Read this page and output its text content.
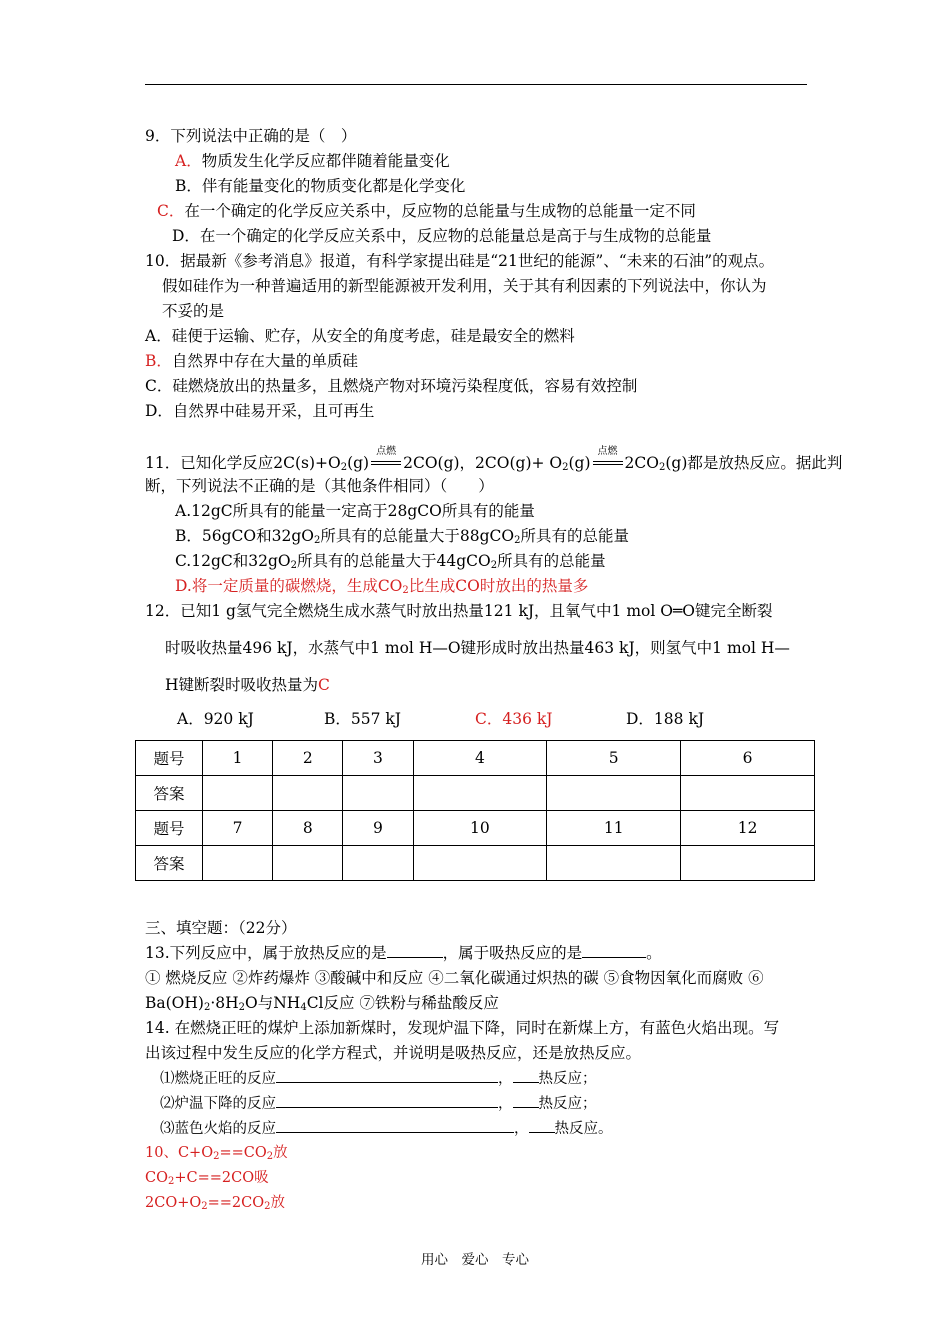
9．下列说法中正确的是（　）
A．物质发生化学反应都伴随着能量变化
B．伴有能量变化的物质变化都是化学变化
C．在一个确定的化学反应关系中，反应物的总能量与生成物的总能量一定不同
D．在一个确定的化学反应关系中，反应物的总能量总是高于与生成物的总能量
10．据最新《参考消息》报道，有科学家提出硅是“21世纪的能源”、“未来的石油”的观点。
假如硅作为一种普遍适用的新型能源被开发利用，关于其有利因素的下列说法中，你认为
不妥的是
A．硅便于运输、贮存，从安全的角度考虑，硅是最安全的燃料
B．自然界中存在大量的单质硅
C．硅燃烧放出的热量多，且燃烧产物对环境污染程度低，容易有效控制
D．自然界中硅易开采，且可再生
11．已知化学反应$2C(s)+O_2(g)$
点燃
2CO(g)，$2CO(g)+ O_2(g)$
点燃
$2CO_2(g)$都是放热反应。据此判
断，下列说法不正确的是（其他条件相同）（　　）
A.12gC所具有的能量一定高于28gCO所具有的能量
B．56gCO和$32gO_2$所具有的总能量大于88gCO$_2$所具有的总能量
C.12gC和$32gO_2$所具有的总能量大于44gCO$_2$所具有的总能量
D.将一定质量的碳燃烧，生成$CO_2$比生成CO时放出的热量多
12．已知1 g氢气完全燃烧生成水蒸气时放出热量121 kJ，且氧气中1 mol O═O键完全断裂
时吸收热量496 kJ，水蒸气中1 mol H—O键形成时放出热量463 kJ，则氢气中1 mol H—
H键断裂时吸收热量为C
A．920 kJ	B．557 kJ	C．436 kJ	D．188 kJ
题号	1	2	3	4	5	6
答案						
题号	7	8	9	10	11	12
答案						
三、填空题：（22分）
13.下列反应中，属于放热反应的是	，属于吸热反应的是	。
① 燃烧反应 ②炸药爆炸 ③酸碱中和反应 ④二氧化碳通过炽热的碳 ⑤食物因氧化而腐败 ⑥
$Ba(OH)_2\cdot 8H_2O$与$NH_4Cl$反应 ⑦铁粉与稀盐酸反应
14. 在燃烧正旺的煤炉上添加新煤时，发现炉温下降，同时在新煤上方，有蓝色火焰出现。写
出该过程中发生反应的化学方程式，并说明是吸热反应，还是放热反应。
⑴燃烧正旺的反应	， 热反应；
⑵炉温下降的反应	， 热反应；
⑶蓝色火焰的反应	， 热反应。
10、$C+O_2==CO_2$放
$CO_2+C==2CO$吸
$2CO+O_2==2CO_2$放
用心　爱心　专心
